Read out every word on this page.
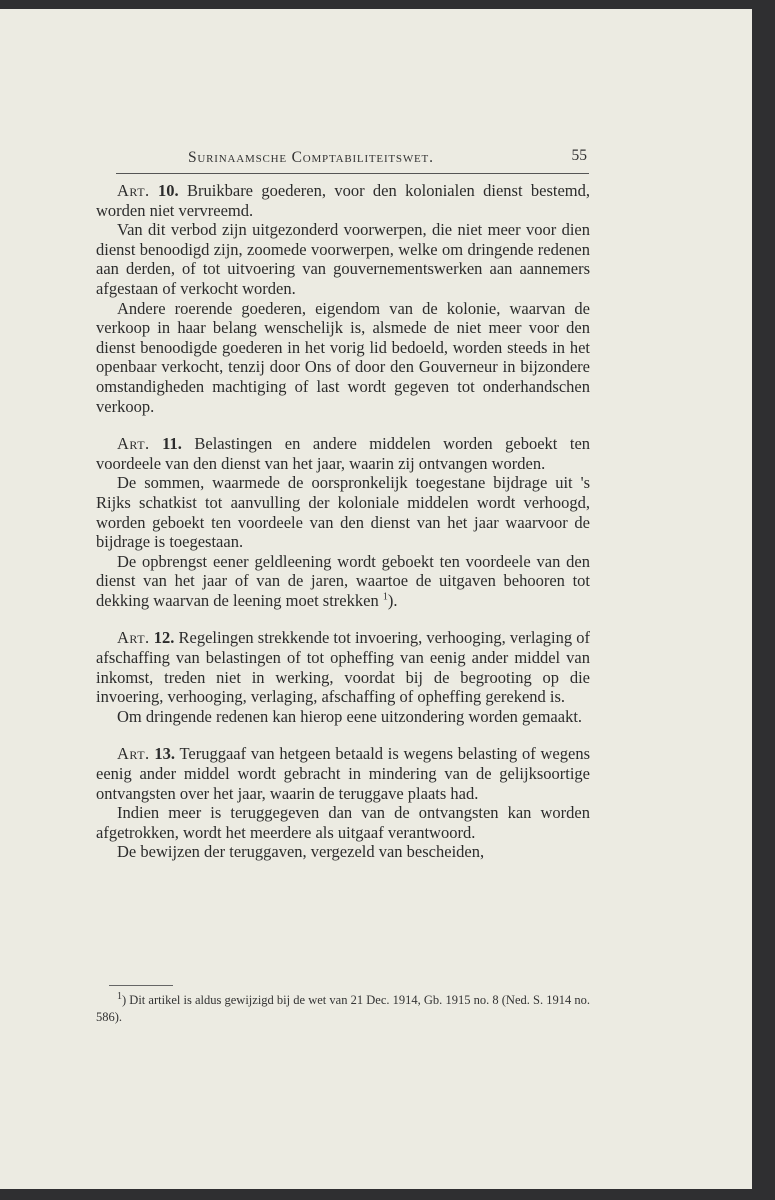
Surinaamsche Comptabiliteitswet.	55

Art. 10. Bruikbare goederen, voor den kolonialen dienst bestemd, worden niet vervreemd.

Van dit verbod zijn uitgezonderd voorwerpen, die niet meer voor dien dienst benoodigd zijn, zoomede voorwerpen, welke om dringende redenen aan derden, of tot uitvoering van gouvernementswerken aan aannemers afgestaan of verkocht worden.

Andere roerende goederen, eigendom van de kolonie, waarvan de verkoop in haar belang wenschelijk is, alsmede de niet meer voor den dienst benoodigde goederen in het vorig lid bedoeld, worden steeds in het openbaar verkocht, tenzij door Ons of door den Gouverneur in bijzondere omstandigheden machtiging of last wordt gegeven tot onderhandschen verkoop.

Art. 11. Belastingen en andere middelen worden geboekt ten voordeele van den dienst van het jaar, waarin zij ontvangen worden.

De sommen, waarmede de oorspronkelijk toegestane bijdrage uit 's Rijks schatkist tot aanvulling der koloniale middelen wordt verhoogd, worden geboekt ten voordeele van den dienst van het jaar waarvoor de bijdrage is toegestaan.

De opbrengst eener geldleening wordt geboekt ten voordeele van den dienst van het jaar of van de jaren, waartoe de uitgaven behooren tot dekking waarvan de leening moet strekken $^1$).

Art. 12. Regelingen strekkende tot invoering, verhooging, verlaging of afschaffing van belastingen of tot opheffing van eenig ander middel van inkomst, treden niet in werking, voordat bij de begrooting op die invoering, verhooging, verlaging, afschaffing of opheffing gerekend is.

Om dringende redenen kan hierop eene uitzondering worden gemaakt.

Art. 13. Teruggaaf van hetgeen betaald is wegens belasting of wegens eenig ander middel wordt gebracht in mindering van de gelijksoortige ontvangsten over het jaar, waarin de teruggave plaats had.

Indien meer is teruggegeven dan van de ontvangsten kan worden afgetrokken, wordt het meerdere als uitgaaf verantwoord.

De bewijzen der teruggaven, vergezeld van bescheiden,

$^1$) Dit artikel is aldus gewijzigd bij de wet van 21 Dec. 1914, Gb. 1915 no. 8 (Ned. S. 1914 no. 586).
